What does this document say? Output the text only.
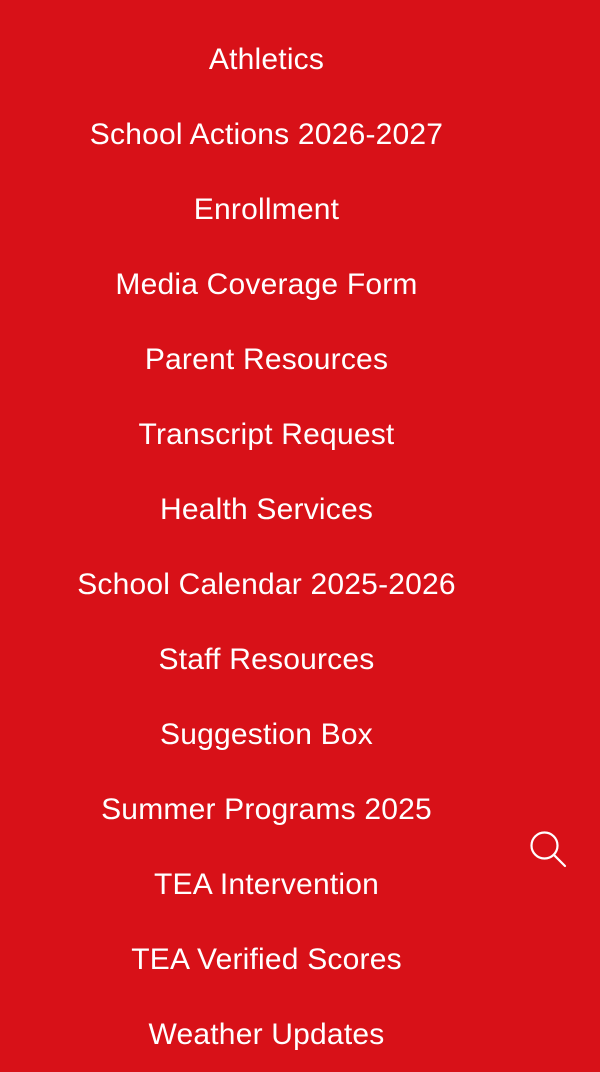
Athletics
School Actions 2026-2027
Enrollment
Media Coverage Form
Parent Resources
Transcript Request
Health Services
School Calendar 2025-2026
Staff Resources
Suggestion Box
Summer Programs 2025
TEA Intervention
TEA Verified Scores
Weather Updates
